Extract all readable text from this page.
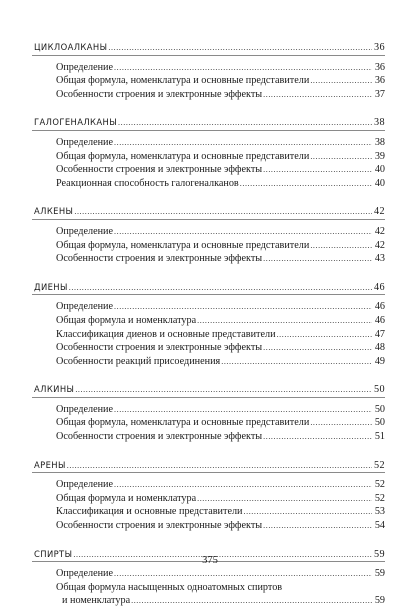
ЦИКЛОАЛКАНЫ .....	36
Определение .....	36
Общая формула, номенклатура и основные представители .....	36
Особенности строения и электронные эффекты .....	37
ГАЛОГЕНАЛКАНЫ .....	38
Определение .....	38
Общая формула, номенклатура и основные представители .....	39
Особенности строения и электронные эффекты .....	40
Реакционная способность галогеналканов .....	40
АЛКЕНЫ .....	42
Определение .....	42
Общая формула, номенклатура и основные представители .....	42
Особенности строения и электронные эффекты .....	43
ДИЕНЫ .....	46
Определение .....	46
Общая формула и номенклатура .....	46
Классификация диенов и основные представители .....	47
Особенности строения и электронные эффекты .....	48
Особенности реакций присоединения .....	49
АЛКИНЫ .....	50
Определение .....	50
Общая формула, номенклатура и основные представители .....	50
Особенности строения и электронные эффекты .....	51
АРЕНЫ .....	52
Определение .....	52
Общая формула и номенклатура .....	52
Классификация и основные представители .....	53
Особенности строения и электронные эффекты .....	54
СПИРТЫ .....	59
Определение .....	59
Общая формула насыщенных одноатомных спиртов
и номенклатура .....	59
375
